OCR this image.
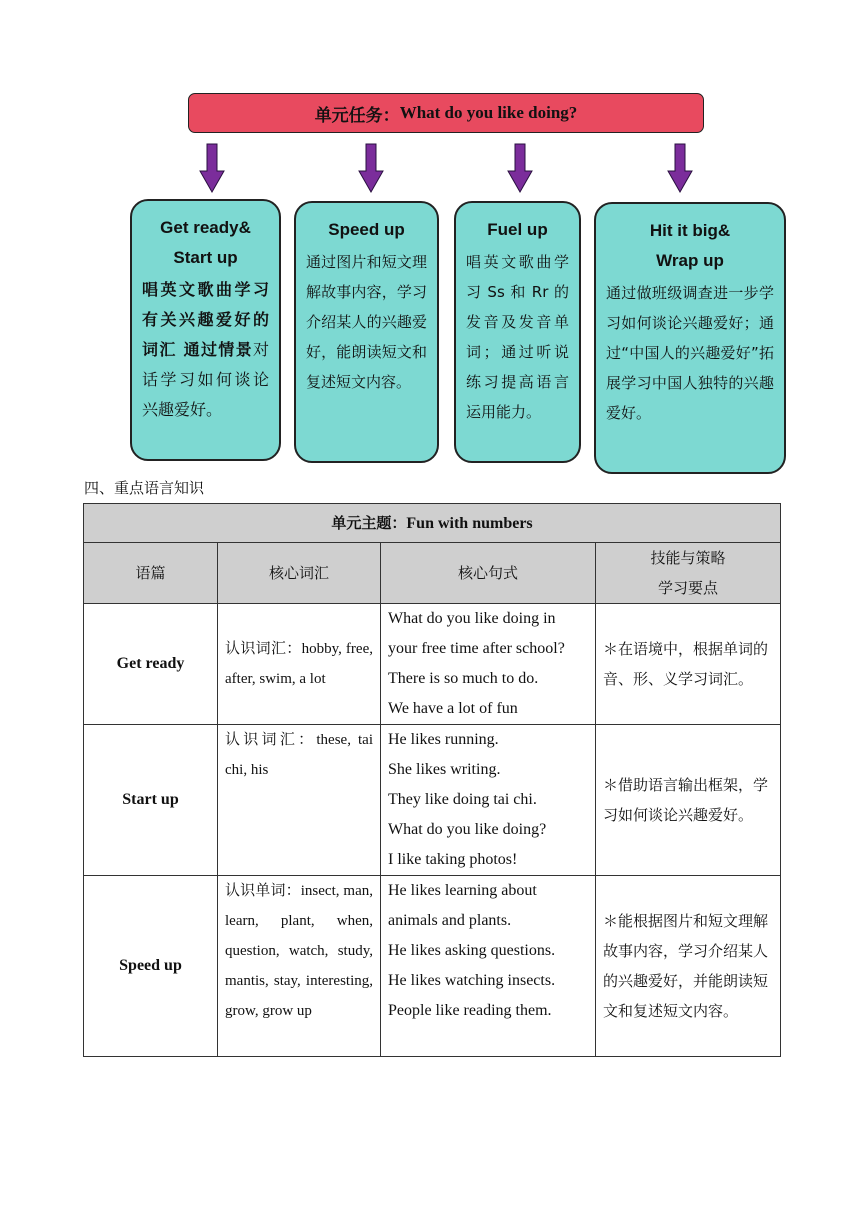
单元任务： What do you like doing?
Get ready&
Start up
唱英文歌曲学习有关兴趣爱好的词汇 通过情景对话学习如何谈论兴趣爱好。
Speed up
通过图片和短文理解故事内容，学习介绍某人的兴趣爱好，能朗读短文和复述短文内容。
Fuel up
唱英文歌曲学习 Ss 和 Rr 的发音及发音单词；通过听说练习提高语言运用能力。
Hit it big&
Wrap up
通过做班级调查进一步学习如何谈论兴趣爱好；通过“中国人的兴趣爱好”拓展学习中国人独特的兴趣爱好。
四、重点语言知识
单元主题：Fun with numbers			
语篇	核心词汇	核心句式	技能与策略
学习要点
Get ready	认识词汇：hobby, free, after, swim, a lot	What do you like doing in your free time after school?
There is so much to do.
We have a lot of fun	＊在语境中，根据单词的音、形、义学习词汇。
Start up	认识词汇：these, tai chi, his	He likes running.
She likes writing.
They like doing tai chi.
What do you like doing?
I like taking photos!	＊借助语言输出框架，学习如何谈论兴趣爱好。
Speed up	认识单词：insect, man, learn, plant, when, question, watch, study, mantis, stay, interesting, grow, grow up	He likes learning about animals and plants.
He likes asking questions.
He likes watching insects.
People like reading them.	＊能根据图片和短文理解故事内容，学习介绍某人的兴趣爱好，并能朗读短文和复述短文内容。
